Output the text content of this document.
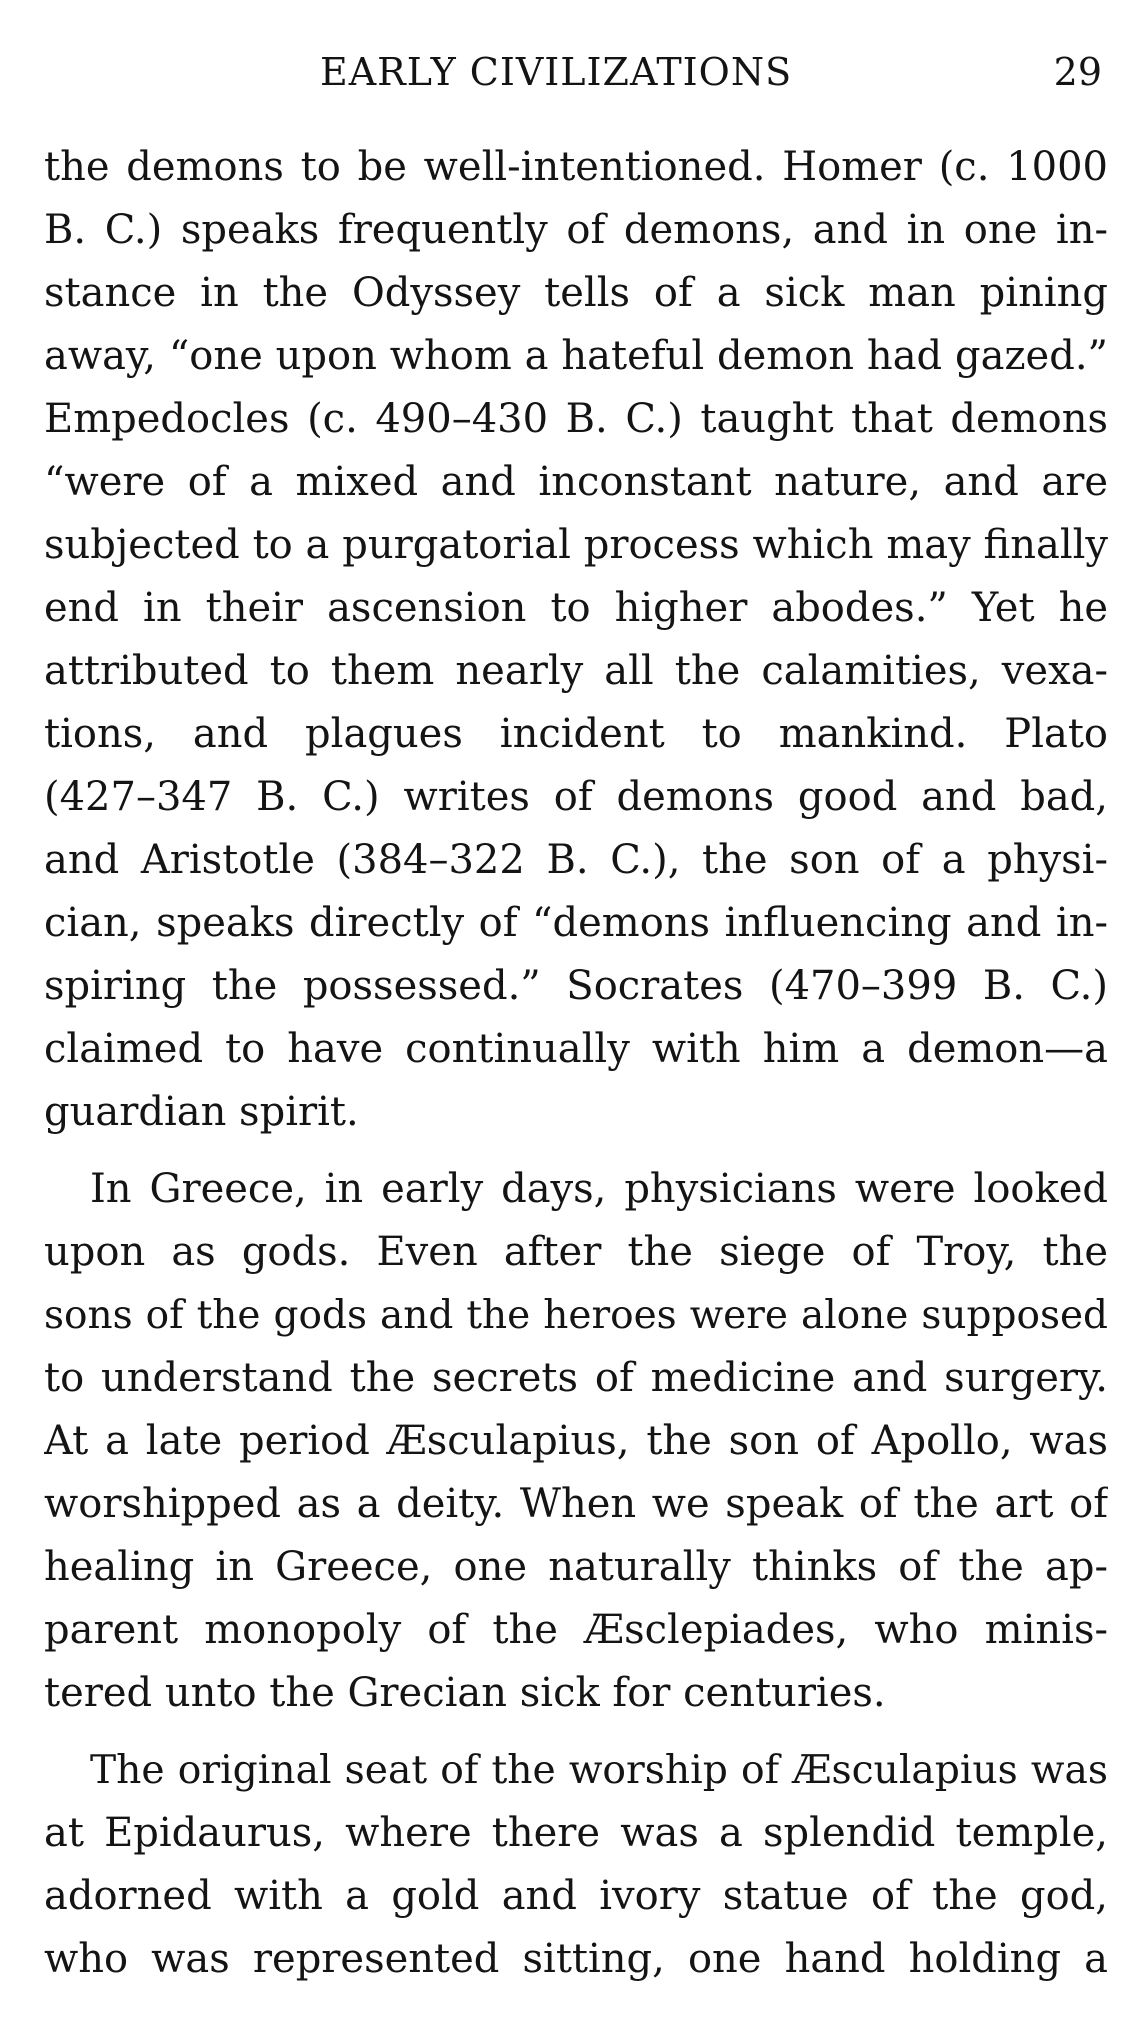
EARLY CIVILIZATIONS	29

the demons to be well-intentioned. Homer (c. 1000
B. C.) speaks frequently of demons, and in one in-
stance in the Odyssey tells of a sick man pining
away, “one upon whom a hateful demon had gazed.”
Empedocles (c. 490–430 B. C.) taught that demons
“were of a mixed and inconstant nature, and are
subjected to a purgatorial process which may finally
end in their ascension to higher abodes.” Yet he
attributed to them nearly all the calamities, vexa-
tions, and plagues incident to mankind. Plato
(427–347 B. C.) writes of demons good and bad,
and Aristotle (384–322 B. C.), the son of a physi-
cian, speaks directly of “demons influencing and in-
spiring the possessed.” Socrates (470–399 B. C.)
claimed to have continually with him a demon—a
guardian spirit.

In Greece, in early days, physicians were looked
upon as gods. Even after the siege of Troy, the
sons of the gods and the heroes were alone supposed
to understand the secrets of medicine and surgery.
At a late period Æsculapius, the son of Apollo, was
worshipped as a deity. When we speak of the art of
healing in Greece, one naturally thinks of the ap-
parent monopoly of the Æsclepiades, who minis-
tered unto the Grecian sick for centuries.

The original seat of the worship of Æsculapius was
at Epidaurus, where there was a splendid temple,
adorned with a gold and ivory statue of the god,
who was represented sitting, one hand holding a
